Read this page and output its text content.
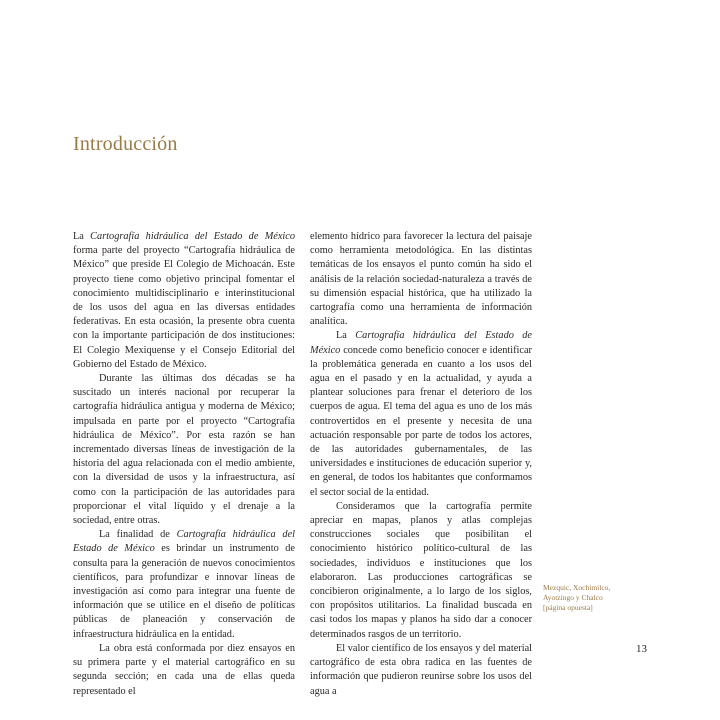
Introducción

La Cartografía hidráulica del Estado de México forma parte del proyecto “Cartografía hidráulica de México” que preside El Colegio de Michoacán. Este proyecto tiene como objetivo principal fomentar el conocimiento multidisciplinario e interinstitucional de los usos del agua en las diversas entidades federativas. En esta ocasión, la presente obra cuenta con la importante participación de dos instituciones: El Colegio Mexiquense y el Consejo Editorial del Gobierno del Estado de México.

Durante las últimas dos décadas se ha suscitado un interés nacional por recuperar la cartografía hidráulica antigua y moderna de México; impulsada en parte por el proyecto “Cartografía hidráulica de México”. Por esta razón se han incrementado diversas líneas de investigación de la historia del agua relacionada con el medio ambiente, con la diversidad de usos y la infraestructura, así como con la participación de las autoridades para proporcionar el vital líquido y el drenaje a la sociedad, entre otras.

La finalidad de Cartografía hidráulica del Estado de México es brindar un instrumento de consulta para la generación de nuevos conocimientos científicos, para profundizar e innovar líneas de investigación así como para integrar una fuente de información que se utilice en el diseño de políticas públicas de planeación y conservación de infraestructura hidráulica en la entidad.

La obra está conformada por diez ensayos en su primera parte y el material cartográfico en su segunda sección; en cada una de ellas queda representado el

elemento hídrico para favorecer la lectura del paisaje como herramienta metodológica. En las distintas temáticas de los ensayos el punto común ha sido el análisis de la relación sociedad-naturaleza a través de su dimensión espacial histórica, que ha utilizado la cartografía como una herramienta de información analítica.

La Cartografía hidráulica del Estado de México concede como beneficio conocer e identificar la problemática generada en cuanto a los usos del agua en el pasado y en la actualidad, y ayuda a plantear soluciones para frenar el deterioro de los cuerpos de agua. El tema del agua es uno de los más controvertidos en el presente y necesita de una actuación responsable por parte de todos los actores, de las autoridades gubernamentales, de las universidades e instituciones de educación superior y, en general, de todos los habitantes que conformamos el sector social de la entidad.

Consideramos que la cartografía permite apreciar en mapas, planos y atlas complejas construcciones sociales que posibilitan el conocimiento histórico político-cultural de las sociedades, individuos e instituciones que los elaboraron. Las producciones cartográficas se concibieron originalmente, a lo largo de los siglos, con propósitos utilitarios. La finalidad buscada en casi todos los mapas y planos ha sido dar a conocer determinados rasgos de un territorio.

El valor científico de los ensayos y del material cartográfico de esta obra radica en las fuentes de información que pudieron reunirse sobre los usos del agua a

Mezquic, Xochimilco,
Ayotzingo y Chalco
[página opuesta]
13
